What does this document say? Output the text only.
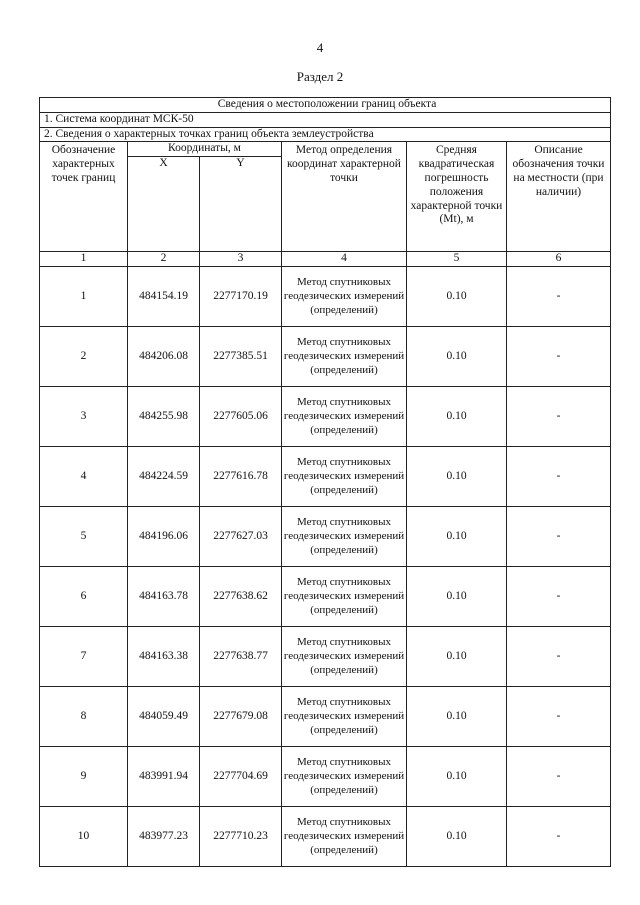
4
Раздел 2
Сведения о местоположении границ объекта					
1. Система координат МСК-50					
2. Сведения о характерных точках границ объекта землеустройства					
Обозначение характерных точек границ	Координаты, м		Метод определения координат характерной точки	Средняя квадратическая погрешность положения характерной точки (Mt), м	Описание обозначения точки на местности (при наличии)
	X	Y			
1	2	3	4	5	6
1	484154.19	2277170.19	Метод спутниковых геодезических измерений (определений)	0.10	-
2	484206.08	2277385.51	Метод спутниковых геодезических измерений (определений)	0.10	-
3	484255.98	2277605.06	Метод спутниковых геодезических измерений (определений)	0.10	-
4	484224.59	2277616.78	Метод спутниковых геодезических измерений (определений)	0.10	-
5	484196.06	2277627.03	Метод спутниковых геодезических измерений (определений)	0.10	-
6	484163.78	2277638.62	Метод спутниковых геодезических измерений (определений)	0.10	-
7	484163.38	2277638.77	Метод спутниковых геодезических измерений (определений)	0.10	-
8	484059.49	2277679.08	Метод спутниковых геодезических измерений (определений)	0.10	-
9	483991.94	2277704.69	Метод спутниковых геодезических измерений (определений)	0.10	-
10	483977.23	2277710.23	Метод спутниковых геодезических измерений (определений)	0.10	-
